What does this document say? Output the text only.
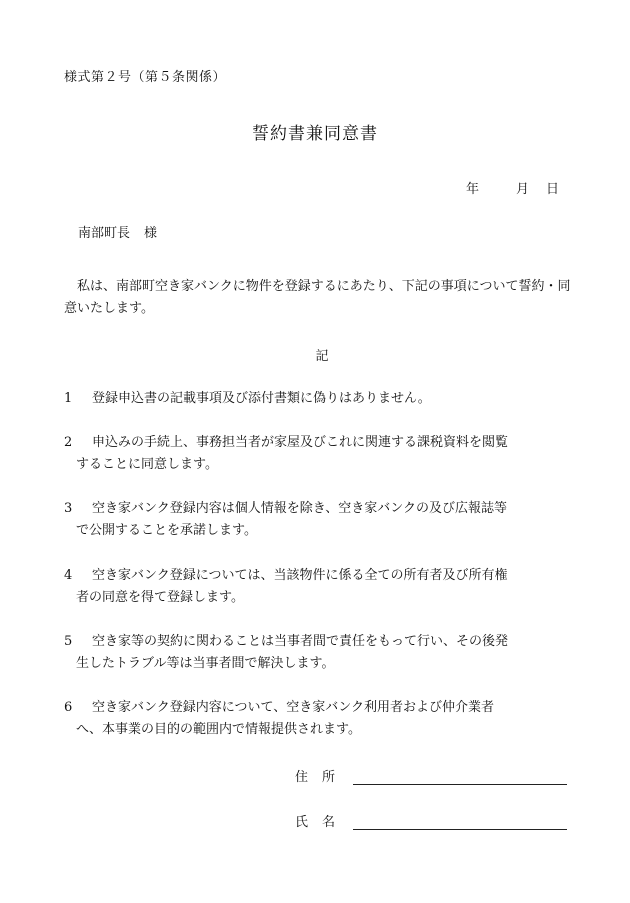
様式第２号（第５条関係）
誓約書兼同意書
年	月	日
南部町長 様
私は、南部町空き家バンクに物件を登録するにあたり、下記の事項について誓約・同意いたします。
記
1	登録申込書の記載事項及び添付書類に偽りはありません。
2	申込みの手続上、事務担当者が家屋及びこれに関連する課税資料を閲覧することに同意します。
3	空き家バンク登録内容は個人情報を除き、空き家バンクの及び広報誌等で公開することを承諾します。
4	空き家バンク登録については、当該物件に係る全ての所有者及び所有権者の同意を得て登録します。
5	空き家等の契約に関わることは当事者間で責任をもって行い、その後発生したトラブル等は当事者間で解決します。
6	空き家バンク登録内容について、空き家バンク利用者および仲介業者へ、本事業の目的の範囲内で情報提供されます。
住所
氏名
